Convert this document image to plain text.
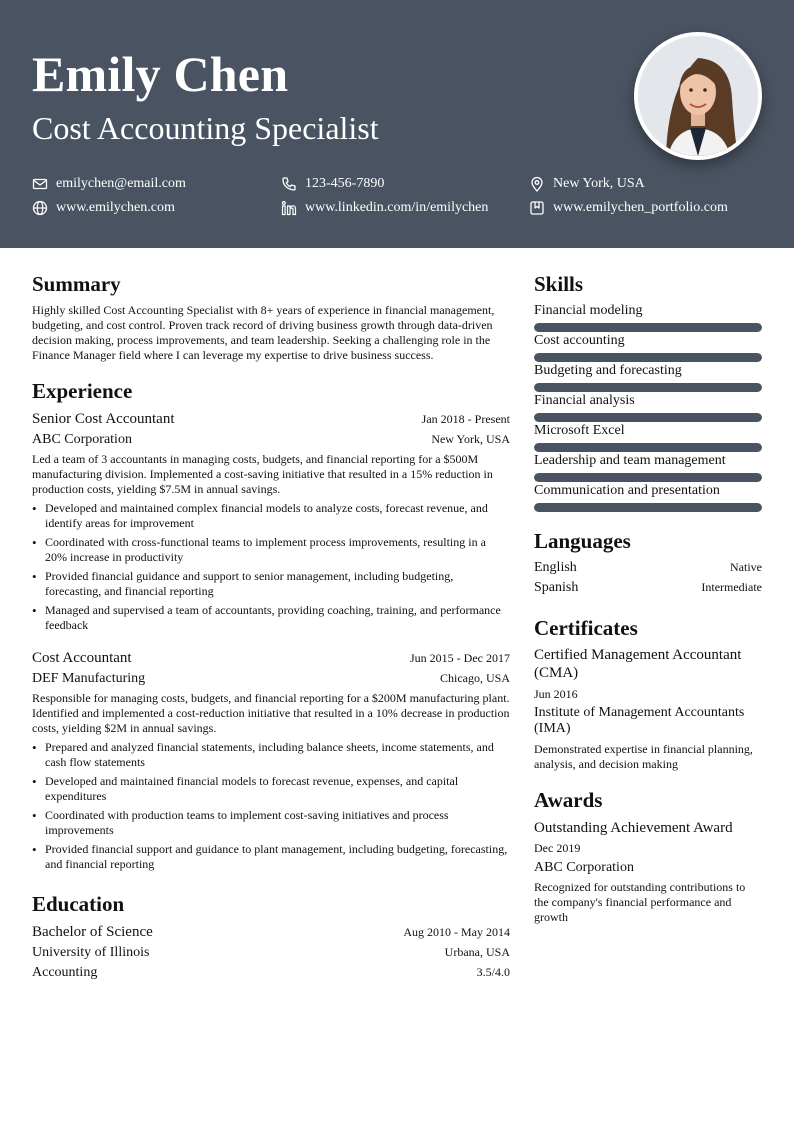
Emily Chen
Cost Accounting Specialist
emilychen@email.com	123-456-7890	New York, USA
www.emilychen.com	www.linkedin.com/in/emilychen	www.emilychen_portfolio.com
Summary
Highly skilled Cost Accounting Specialist with 8+ years of experience in financial management, budgeting, and cost control. Proven track record of driving business growth through data-driven decision making, process improvements, and team leadership. Seeking a challenging role in the Finance Manager field where I can leverage my expertise to drive business success.
Experience
Senior Cost Accountant	Jan 2018 - Present
ABC Corporation	New York, USA
Led a team of 3 accountants in managing costs, budgets, and financial reporting for a $500M manufacturing division. Implemented a cost-saving initiative that resulted in a 15% reduction in production costs, yielding $7.5M in annual savings.
• Developed and maintained complex financial models to analyze costs, forecast revenue, and identify areas for improvement
• Coordinated with cross-functional teams to implement process improvements, resulting in a 20% increase in productivity
• Provided financial guidance and support to senior management, including budgeting, forecasting, and financial reporting
• Managed and supervised a team of accountants, providing coaching, training, and performance feedback
Cost Accountant	Jun 2015 - Dec 2017
DEF Manufacturing	Chicago, USA
Responsible for managing costs, budgets, and financial reporting for a $200M manufacturing plant. Identified and implemented a cost-reduction initiative that resulted in a 10% decrease in production costs, yielding $2M in annual savings.
• Prepared and analyzed financial statements, including balance sheets, income statements, and cash flow statements
• Developed and maintained financial models to forecast revenue, expenses, and capital expenditures
• Coordinated with production teams to implement cost-saving initiatives and process improvements
• Provided financial support and guidance to plant management, including budgeting, forecasting, and financial reporting
Education
Bachelor of Science	Aug 2010 - May 2014
University of Illinois	Urbana, USA
Accounting	3.5/4.0
Skills
Financial modeling
Cost accounting
Budgeting and forecasting
Financial analysis
Microsoft Excel
Leadership and team management
Communication and presentation
Languages
English	Native
Spanish	Intermediate
Certificates
Certified Management Accountant (CMA)
Jun 2016
Institute of Management Accountants (IMA)
Demonstrated expertise in financial planning, analysis, and decision making
Awards
Outstanding Achievement Award
Dec 2019
ABC Corporation
Recognized for outstanding contributions to the company's financial performance and growth
